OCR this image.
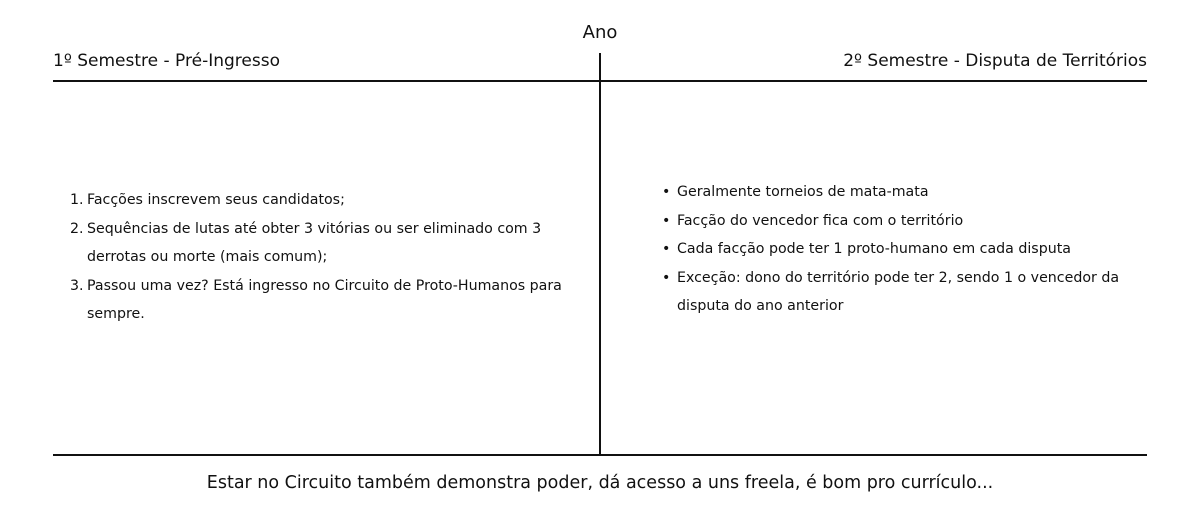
Ano
1º Semestre - Pré-Ingresso	2º Semestre - Disputa de Territórios
1. Facções inscrevem seus candidatos;
2. Sequências de lutas até obter 3 vitórias ou ser eliminado com 3 derrotas ou morte (mais comum);
3. Passou uma vez? Está ingresso no Circuito de Proto-Humanos para sempre.
• Geralmente torneios de mata-mata
• Facção do vencedor fica com o território
• Cada facção pode ter 1 proto-humano em cada disputa
• Exceção: dono do território pode ter 2, sendo 1 o vencedor da disputa do ano anterior
Estar no Circuito também demonstra poder, dá acesso a uns freela, é bom pro currículo...
